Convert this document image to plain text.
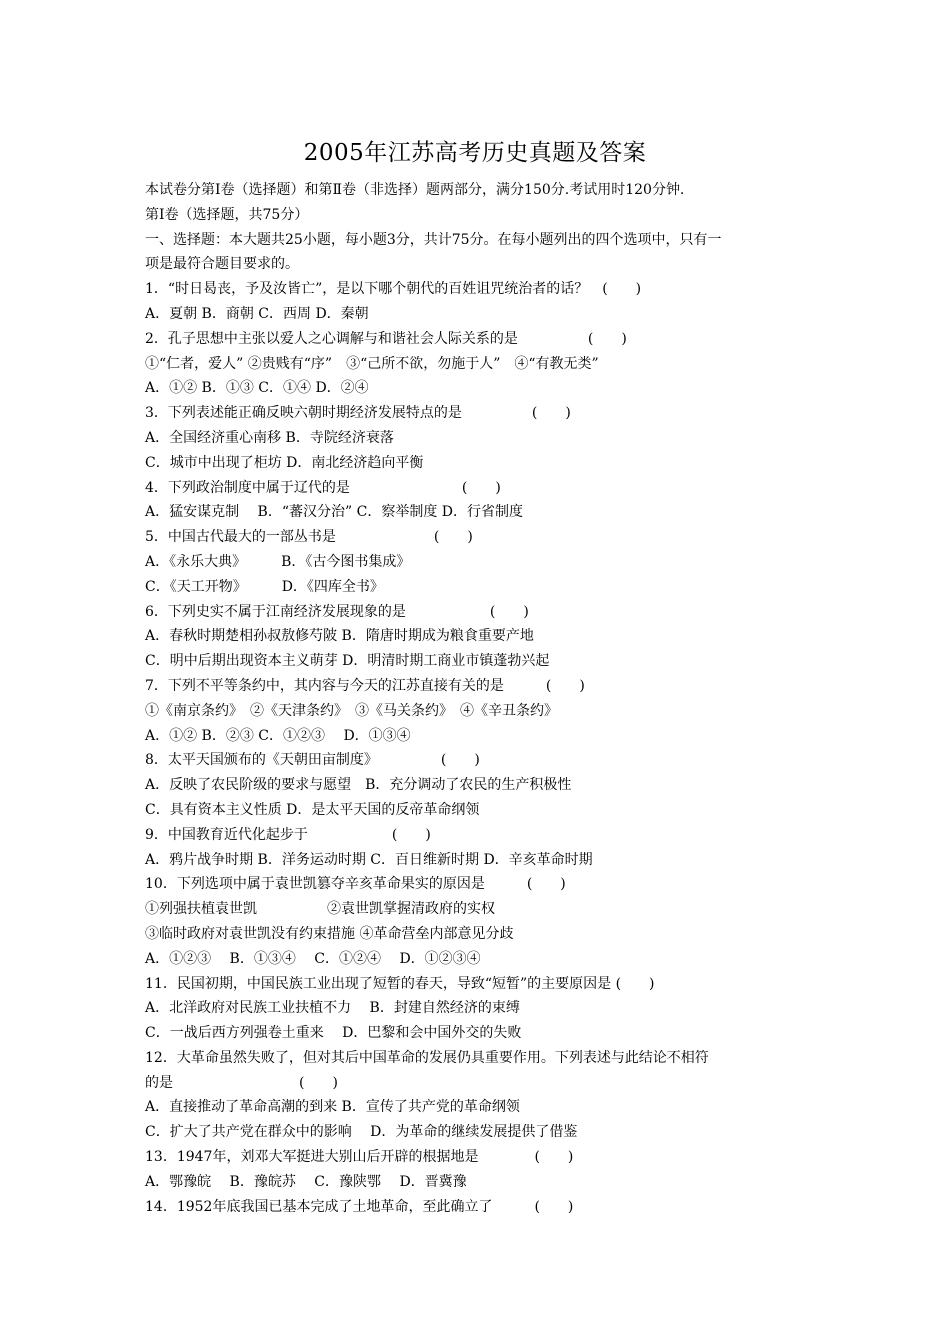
2005年江苏高考历史真题及答案
本试卷分第Ⅰ卷（选择题）和第Ⅱ卷（非选择）题两部分，满分150分.考试用时120分钟.
第Ⅰ卷（选择题，共75分）
一、选择题：本大题共25小题，每小题3分，共计75分。在每小题列出的四个选项中，只有一
项是最符合题目要求的。
1．“时日曷丧，予及汝皆亡”，是以下哪个朝代的百姓诅咒统治者的话？　(　　)
A．夏朝 B．商朝 C．西周 D．秦朝
2．孔子思想中主张以爱人之心调解与和谐社会人际关系的是　　　　　(　　)
①“仁者，爱人” ②贵贱有“序”　③“己所不欲，勿施于人”　④“有教无类”
A．①② B．①③ C．①④ D．②④
3．下列表述能正确反映六朝时期经济发展特点的是　　　　　(　　)
A．全国经济重心南移 B．寺院经济衰落
C．城市中出现了柜坊 D．南北经济趋向平衡
4．下列政治制度中属于辽代的是　　　　　　　　(　　)
A．猛安谋克制　 B．“蕃汉分治” C．察举制度 D．行省制度
5．中国古代最大的一部丛书是　　　　　　　(　　)
A．《永乐大典》　　　B．《古今图书集成》
C．《天工开物》　　　D．《四库全书》
6．下列史实不属于江南经济发展现象的是　　　　　　(　　)
A．春秋时期楚相孙叔敖修芍陂 B．隋唐时期成为粮食重要产地
C．明中后期出现资本主义萌芽 D．明清时期工商业市镇蓬勃兴起
7．下列不平等条约中，其内容与今天的江苏直接有关的是　　　(　　)
①《南京条约》　②《天津条约》　③《马关条约》　④《辛丑条约》
A．①② B．②③ C．①②③　 D．①③④
8．太平天国颁布的《天朝田亩制度》　　　　　(　　)
A．反映了农民阶级的要求与愿望　B．充分调动了农民的生产积极性
C．具有资本主义性质 D．是太平天国的反帝革命纲领
9．中国教育近代化起步于　　　　　　(　　)
A．鸦片战争时期 B．洋务运动时期 C．百日维新时期 D．辛亥革命时期
10．下列选项中属于袁世凯篡夺辛亥革命果实的原因是　　　(　　)
①列强扶植袁世凯　　　　　②袁世凯掌握清政府的实权
③临时政府对袁世凯没有约束措施 ④革命营垒内部意见分歧
A．①②③　 B．①③④　 C．①②④　 D．①②③④
11．民国初期，中国民族工业出现了短暂的春天，导致“短暂”的主要原因是 (　　)
A．北洋政府对民族工业扶植不力　 B．封建自然经济的束缚
C．一战后西方列强卷土重来　 D．巴黎和会中国外交的失败
12．大革命虽然失败了，但对其后中国革命的发展仍具重要作用。下列表述与此结论不相符
的是　　　　　　　　　(　　)
A．直接推动了革命高潮的到来 B．宣传了共产党的革命纲领
C．扩大了共产党在群众中的影响　 D．为革命的继续发展提供了借鉴
13．1947年，刘邓大军挺进大别山后开辟的根据地是　　　　(　　)
A．鄂豫皖　 B．豫皖苏　 C．豫陕鄂　 D．晋冀豫
14．1952年底我国已基本完成了土地革命，至此确立了　　　(　　)
